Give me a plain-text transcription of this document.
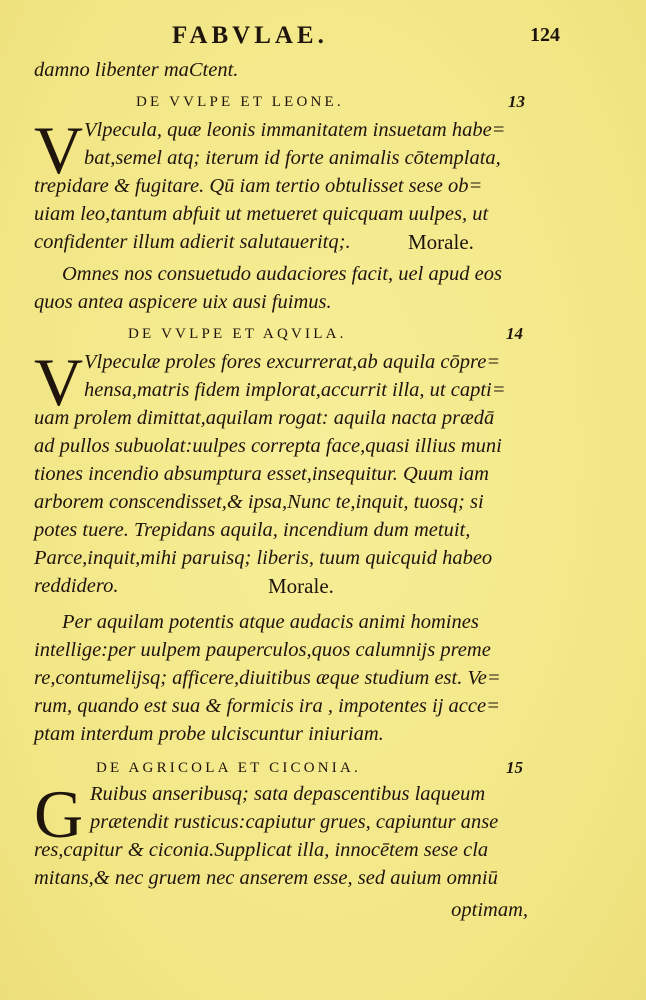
FABVLAE.	124
damno libenter maCtent.
DE VVLPE ET LEONE.	13
V Vlpecula, quæ leonis immanitatem insuetam habe=
bat,semel atq; iterum id forte animalis cōtemplata,
trepidare & fugitare. Qū iam tertio obtulisset sese ob=
uiam leo,tantum abfuit ut metueret quicquam uulpes, ut
confidenter illum adierit salutaueritq;.	Morale.
Omnes nos consuetudo audaciores facit, uel apud eos
quos antea aspicere uix ausi fuimus.
DE VVLPE ET AQVILA.	14
V Vlpeculæ proles fores excurrerat,ab aquila cōpre=
hensa,matris fidem implorat,accurrit illa, ut capti=
uam prolem dimittat,aquilam rogat: aquila nacta prædā
ad pullos subuolat:uulpes correpta face,quasi illius muni
tiones incendio absumptura esset,insequitur. Quum iam
arborem conscendisset,& ipsa,Nunc te,inquit, tuosq; si
potes tuere. Trepidans aquila, incendium dum metuit,
Parce,inquit,mihi paruisq; liberis, tuum quicquid habeo
reddidero.	Morale.
Per aquilam potentis atque audacis animi homines
intellige:per uulpem pauperculos,quos calumnijs preme
re,contumelijsq; afficere,diuitibus æque studium est. Ve=
rum, quando est sua & formicis ira , impotentes ij acce=
ptam interdum probe ulciscuntur iniuriam.
DE AGRICOLA ET CICONIA.	15
G Ruibus anseribusq; sata depascentibus laqueum
prætendit rusticus:capiutur grues, capiuntur anse
res,capitur & ciconia.Supplicat illa, innocētem sese cla
mitans,& nec gruem nec anserem esse, sed auium omniū
optimam,
